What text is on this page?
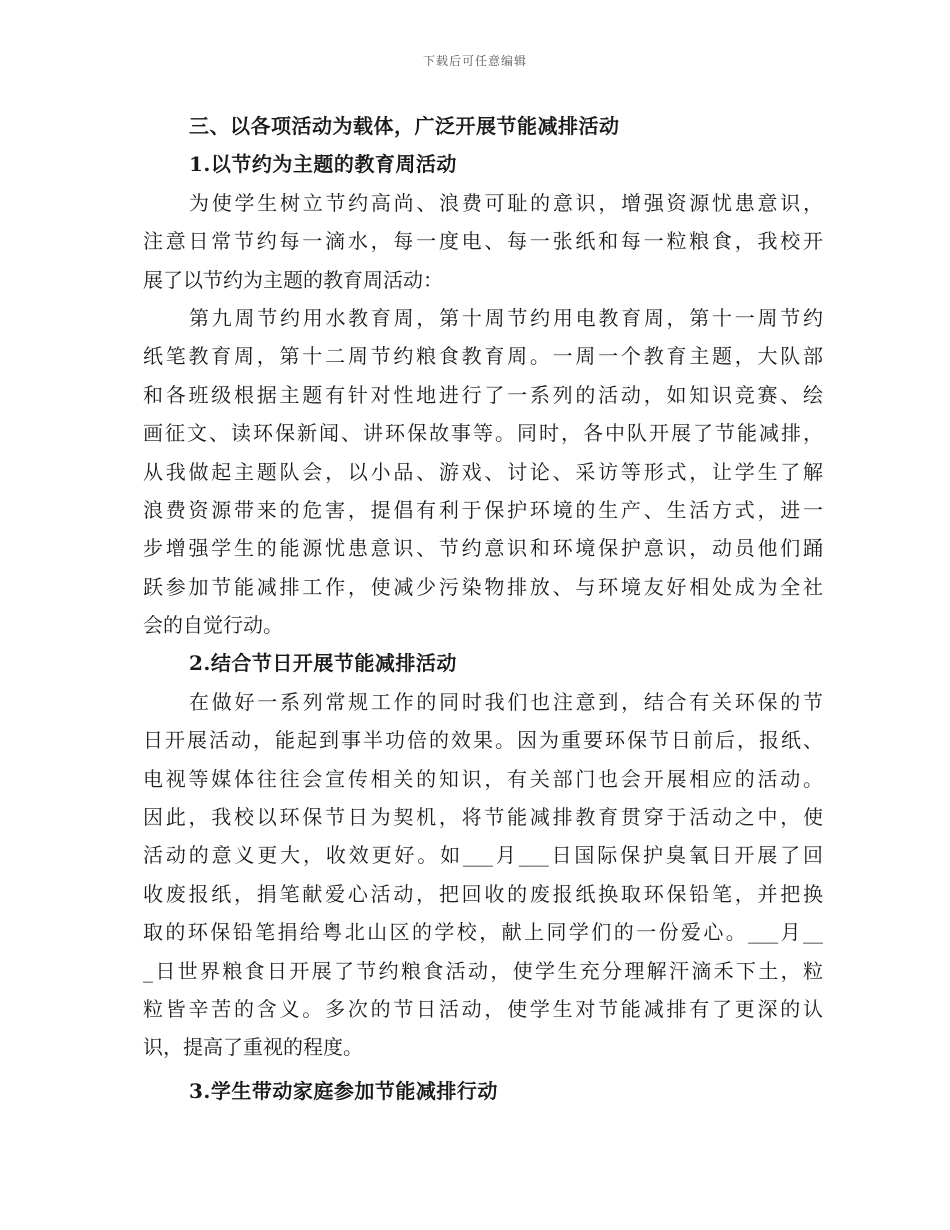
下载后可任意编辑
三、以各项活动为载体，广泛开展节能减排活动
1.以节约为主题的教育周活动
为使学生树立节约高尚、浪费可耻的意识，增强资源忧患意识，
注意日常节约每一滴水，每一度电、每一张纸和每一粒粮食，我校开
展了以节约为主题的教育周活动：
第九周节约用水教育周，第十周节约用电教育周，第十一周节约
纸笔教育周，第十二周节约粮食教育周。一周一个教育主题，大队部
和各班级根据主题有针对性地进行了一系列的活动，如知识竞赛、绘
画征文、读环保新闻、讲环保故事等。同时，各中队开展了节能减排，
从我做起主题队会，以小品、游戏、讨论、采访等形式，让学生了解
浪费资源带来的危害，提倡有利于保护环境的生产、生活方式，进一
步增强学生的能源忧患意识、节约意识和环境保护意识，动员他们踊
跃参加节能减排工作，使减少污染物排放、与环境友好相处成为全社
会的自觉行动。
2.结合节日开展节能减排活动
在做好一系列常规工作的同时我们也注意到，结合有关环保的节
日开展活动，能起到事半功倍的效果。因为重要环保节日前后，报纸、
电视等媒体往往会宣传相关的知识，有关部门也会开展相应的活动。
因此，我校以环保节日为契机，将节能减排教育贯穿于活动之中，使
活动的意义更大，收效更好。如___月___日国际保护臭氧日开展了回
收废报纸，捐笔献爱心活动，把回收的废报纸换取环保铅笔，并把换
取的环保铅笔捐给粤北山区的学校，献上同学们的一份爱心。___月__
_日世界粮食日开展了节约粮食活动，使学生充分理解汗滴禾下土，粒
粒皆辛苦的含义。多次的节日活动，使学生对节能减排有了更深的认
识，提高了重视的程度。
3.学生带动家庭参加节能减排行动
